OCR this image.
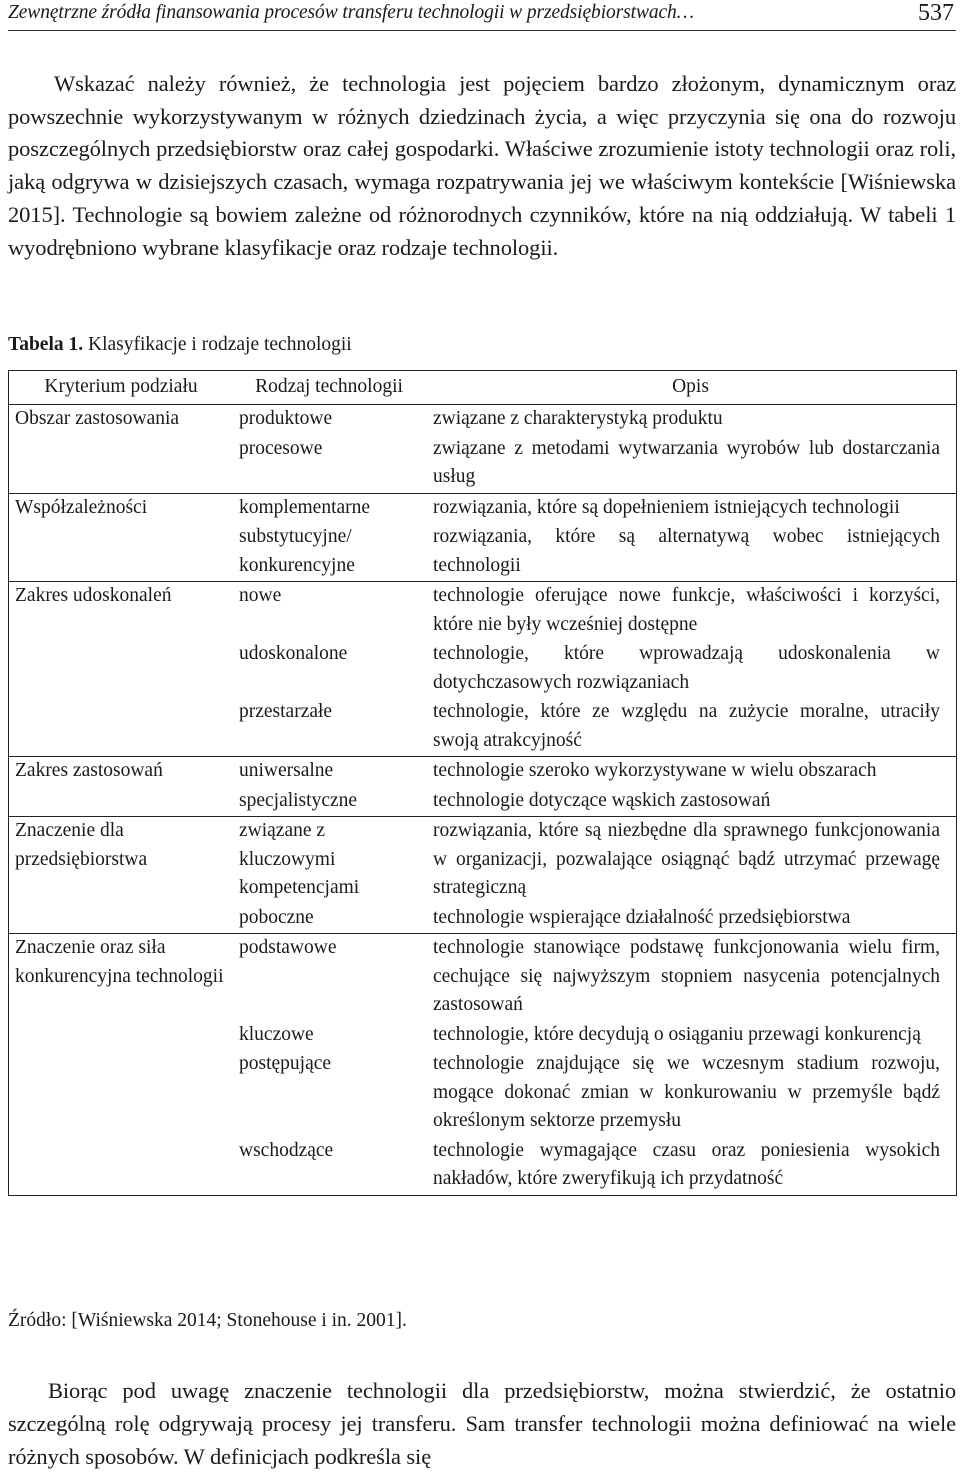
Zewnętrzne źródła finansowania procesów transferu technologii w przedsiębiorstwach…	537

Wskazać należy również, że technologia jest pojęciem bardzo złożonym, dynamicznym oraz powszechnie wykorzystywanym w różnych dziedzinach życia, a więc przyczynia się ona do rozwoju poszczególnych przedsiębiorstw oraz całej gospodarki. Właściwe zrozumienie istoty technologii oraz roli, jaką odgrywa w dzisiejszych czasach, wymaga rozpatrywania jej we właściwym kontekście [Wiśniewska 2015]. Technologie są bowiem zależne od różnorodnych czynników, które na nią oddziałują. W tabeli 1 wyodrębniono wybrane klasyfikacje oraz rodzaje technologii.

Tabela 1. Klasyfikacje i rodzaje technologii
Kryterium podziału	Rodzaj technologii	Opis
Obszar zastosowania	produktowe	związane z charakterystyką produktu
	procesowe	związane z metodami wytwarzania wyrobów lub dostarczania usług
Współzależności	komplementarne	rozwiązania, które są dopełnieniem istniejących technologii
	substytucyjne/ konkurencyjne	rozwiązania, które są alternatywą wobec istniejących technologii
Zakres udoskonaleń	nowe	technologie oferujące nowe funkcje, właściwości i korzyści, które nie były wcześniej dostępne
	udoskonalone	technologie, które wprowadzają udoskonalenia w dotychczasowych rozwiązaniach
	przestarzałe	technologie, które ze względu na zużycie moralne, utraciły swoją atrakcyjność
Zakres zastosowań	uniwersalne	technologie szeroko wykorzystywane w wielu obszarach
	specjalistyczne	technologie dotyczące wąskich zastosowań
Znaczenie dla przedsiębiorstwa	związane z kluczowymi kompetencjami	rozwiązania, które są niezbędne dla sprawnego funkcjonowania w organizacji, pozwalające osiągnąć bądź utrzymać przewagę strategiczną
	poboczne	technologie wspierające działalność przedsiębiorstwa
Znaczenie oraz siła konkurencyjna technologii	podstawowe	technologie stanowiące podstawę funkcjonowania wielu firm, cechujące się najwyższym stopniem nasycenia potencjalnych zastosowań
	kluczowe	technologie, które decydują o osiąganiu przewagi konkurencją
	postępujące	technologie znajdujące się we wczesnym stadium rozwoju, mogące dokonać zmian w konkurowaniu w przemyśle bądź określonym sektorze przemysłu
	wschodzące	technologie wymagające czasu oraz poniesienia wysokich nakładów, które zweryfikują ich przydatność
Źródło: [Wiśniewska 2014; Stonehouse i in. 2001].

Biorąc pod uwagę znaczenie technologii dla przedsiębiorstw, można stwierdzić, że ostatnio szczególną rolę odgrywają procesy jej transferu. Sam transfer technologii można definiować na wiele różnych sposobów. W definicjach podkreśla się
